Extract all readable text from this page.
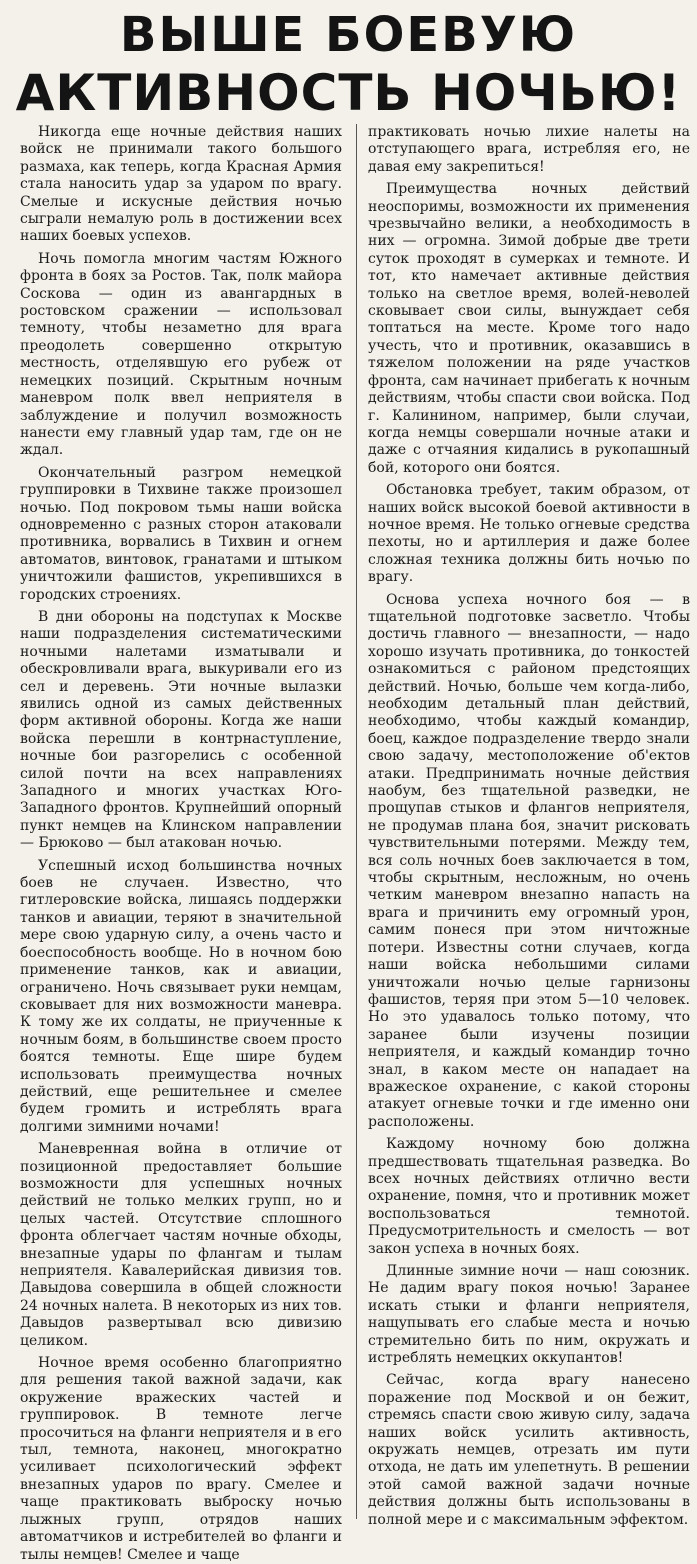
ВЫШЕ БОЕВУЮ
АКТИВНОСТЬ НОЧЬЮ!

Никогда еще ночные действия наших войск не принимали такого большого размаха, как теперь, когда Красная Армия стала наносить удар за ударом по врагу. Смелые и искусные действия ночью сыграли немалую роль в достижении всех наших боевых успехов.

Ночь помогла многим частям Южного фронта в боях за Ростов. Так, полк майора Соскова — один из авангардных в ростовском сражении — использовал темноту, чтобы незаметно для врага преодолеть совершенно открытую местность, отделявшую его рубеж от немецких позиций. Скрытным ночным маневром полк ввел неприятеля в заблуждение и получил возможность нанести ему главный удар там, где он не ждал.

Окончательный разгром немецкой группировки в Тихвине также произошел ночью. Под покровом тьмы наши войска одновременно с разных сторон атаковали противника, ворвались в Тихвин и огнем автоматов, винтовок, гранатами и штыком уничтожили фашистов, укрепившихся в городских строениях.

В дни обороны на подступах к Москве наши подразделения систематическими ночными налетами изматывали и обескровливали врага, выкуривали его из сел и деревень. Эти ночные вылазки явились одной из самых действенных форм активной обороны. Когда же наши войска перешли в контрнаступление, ночные бои разгорелись с особенной силой почти на всех направлениях Западного и многих участках Юго-Западного фронтов. Крупнейший опорный пункт немцев на Клинском направлении — Брюково — был атакован ночью.

Успешный исход большинства ночных боев не случаен. Известно, что гитлеровские войска, лишаясь поддержки танков и авиации, теряют в значительной мере свою ударную силу, а очень часто и боеспособность вообще. Но в ночном бою применение танков, как и авиации, ограничено. Ночь связывает руки немцам, сковывает для них возможности маневра. К тому же их солдаты, не приученные к ночным боям, в большинстве своем просто боятся темноты. Еще шире будем использовать преимущества ночных действий, еще решительнее и смелее будем громить и истреблять врага долгими зимними ночами!

Маневренная война в отличие от позиционной предоставляет большие возможности для успешных ночных действий не только мелких групп, но и целых частей. Отсутствие сплошного фронта облегчает частям ночные обходы, внезапные удары по флангам и тылам неприятеля. Кавалерийская дивизия тов. Давыдова совершила в общей сложности 24 ночных налета. В некоторых из них тов. Давыдов развертывал всю дивизию целиком.

Ночное время особенно благоприятно для решения такой важной задачи, как окружение вражеских частей и группировок. В темноте легче просочиться на фланги неприятеля и в его тыл, темнота, наконец, многократно усиливает психологический эффект внезапных ударов по врагу. Смелее и чаще практиковать выброску ночью лыжных групп, отрядов наших автоматчиков и истребителей во фланги и тылы немцев! Смелее и чаще

практиковать ночью лихие налеты на отступающего врага, истребляя его, не давая ему закрепиться!

Преимущества ночных действий неоспоримы, возможности их применения чрезвычайно велики, а необходимость в них — огромна. Зимой добрые две трети суток проходят в сумерках и темноте. И тот, кто намечает активные действия только на светлое время, волей-неволей сковывает свои силы, вынуждает себя топтаться на месте. Кроме того надо учесть, что и противник, оказавшись в тяжелом положении на ряде участков фронта, сам начинает прибегать к ночным действиям, чтобы спасти свои войска. Под г. Калинином, например, были случаи, когда немцы совершали ночные атаки и даже с отчаяния кидались в рукопашный бой, которого они боятся.

Обстановка требует, таким образом, от наших войск высокой боевой активности в ночное время. Не только огневые средства пехоты, но и артиллерия и даже более сложная техника должны бить ночью по врагу.

Основа успеха ночного боя — в тщательной подготовке засветло. Чтобы достичь главного — внезапности, — надо хорошо изучать противника, до тонкостей ознакомиться с районом предстоящих действий. Ночью, больше чем когда-либо, необходим детальный план действий, необходимо, чтобы каждый командир, боец, каждое подразделение твердо знали свою задачу, местоположение об'ектов атаки. Предпринимать ночные действия наобум, без тщательной разведки, не прощупав стыков и флангов неприятеля, не продумав плана боя, значит рисковать чувствительными потерями. Между тем, вся соль ночных боев заключается в том, чтобы скрытным, несложным, но очень четким маневром внезапно напасть на врага и причинить ему огромный урон, самим понеся при этом ничтожные потери. Известны сотни случаев, когда наши войска небольшими силами уничтожали ночью целые гарнизоны фашистов, теряя при этом 5—10 человек. Но это удавалось только потому, что заранее были изучены позиции неприятеля, и каждый командир точно знал, в каком месте он нападает на вражеское охранение, с какой стороны атакует огневые точки и где именно они расположены.

Каждому ночному бою должна предшествовать тщательная разведка. Во всех ночных действиях отлично вести охранение, помня, что и противник может воспользоваться темнотой. Предусмотрительность и смелость — вот закон успеха в ночных боях.

Длинные зимние ночи — наш союзник. Не дадим врагу покоя ночью! Заранее искать стыки и фланги неприятеля, нащупывать его слабые места и ночью стремительно бить по ним, окружать и истреблять немецких оккупантов!

Сейчас, когда врагу нанесено поражение под Москвой и он бежит, стремясь спасти свою живую силу, задача наших войск усилить активность, окружать немцев, отрезать им пути отхода, не дать им улепетнуть. В решении этой самой важной задачи ночные действия должны быть использованы в полной мере и с максимальным эффектом.
